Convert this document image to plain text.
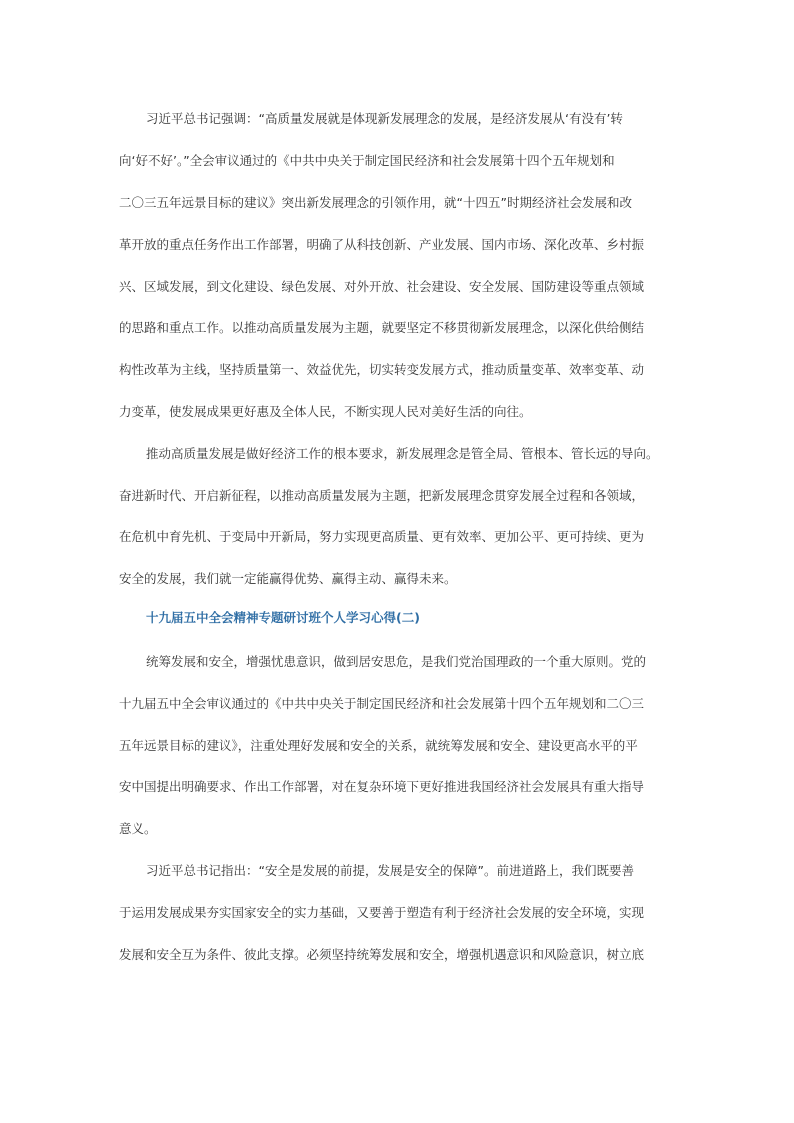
习近平总书记强调：“高质量发展就是体现新发展理念的发展，是经济发展从‘有没有’转
向‘好不好’。”全会审议通过的《中共中央关于制定国民经济和社会发展第十四个五年规划和
二〇三五年远景目标的建议》突出新发展理念的引领作用，就“十四五”时期经济社会发展和改
革开放的重点任务作出工作部署，明确了从科技创新、产业发展、国内市场、深化改革、乡村振
兴、区域发展，到文化建设、绿色发展、对外开放、社会建设、安全发展、国防建设等重点领域
的思路和重点工作。以推动高质量发展为主题，就要坚定不移贯彻新发展理念，以深化供给侧结
构性改革为主线，坚持质量第一、效益优先，切实转变发展方式，推动质量变革、效率变革、动
力变革，使发展成果更好惠及全体人民，不断实现人民对美好生活的向往。
推动高质量发展是做好经济工作的根本要求，新发展理念是管全局、管根本、管长远的导向。
奋进新时代、开启新征程，以推动高质量发展为主题，把新发展理念贯穿发展全过程和各领域，
在危机中育先机、于变局中开新局，努力实现更高质量、更有效率、更加公平、更可持续、更为
安全的发展，我们就一定能赢得优势、赢得主动、赢得未来。
十九届五中全会精神专题研讨班个人学习心得(二)
统筹发展和安全，增强忧患意识，做到居安思危，是我们党治国理政的一个重大原则。党的
十九届五中全会审议通过的《中共中央关于制定国民经济和社会发展第十四个五年规划和二〇三
五年远景目标的建议》，注重处理好发展和安全的关系，就统筹发展和安全、建设更高水平的平
安中国提出明确要求、作出工作部署，对在复杂环境下更好推进我国经济社会发展具有重大指导
意义。
习近平总书记指出：“安全是发展的前提，发展是安全的保障”。前进道路上，我们既要善
于运用发展成果夯实国家安全的实力基础，又要善于塑造有利于经济社会发展的安全环境，实现
发展和安全互为条件、彼此支撑。必须坚持统筹发展和安全，增强机遇意识和风险意识，树立底
